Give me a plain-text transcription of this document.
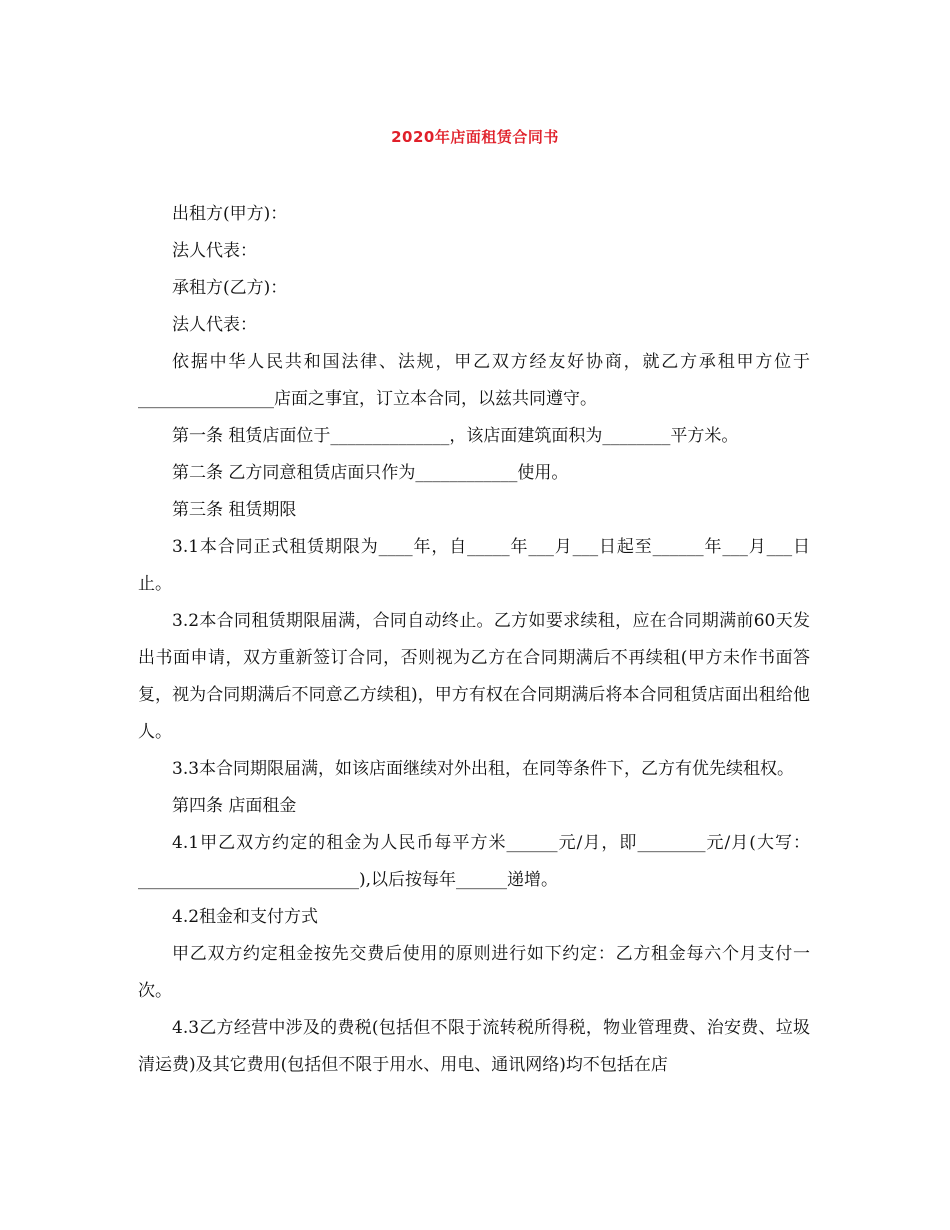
2020年店面租赁合同书

出租方(甲方)：

法人代表：

承租方(乙方)：

法人代表：

依据中华人民共和国法律、法规，甲乙双方经友好协商，就乙方承租甲方位于________________店面之事宜，订立本合同，以兹共同遵守。

第一条 租赁店面位于______________，该店面建筑面积为________平方米。

第二条 乙方同意租赁店面只作为____________使用。

第三条 租赁期限

3.1本合同正式租赁期限为____年，自_____年___月___日起至______年___月___日止。

3.2本合同租赁期限届满，合同自动终止。乙方如要求续租，应在合同期满前60天发出书面申请，双方重新签订合同，否则视为乙方在合同期满后不再续租(甲方未作书面答复，视为合同期满后不同意乙方续租)，甲方有权在合同期满后将本合同租赁店面出租给他人。

3.3本合同期限届满，如该店面继续对外出租，在同等条件下，乙方有优先续租权。

第四条 店面租金

4.1甲乙双方约定的租金为人民币每平方米______元/月，即________元/月(大写：__________________________),以后按每年______递增。

4.2租金和支付方式

甲乙双方约定租金按先交费后使用的原则进行如下约定：乙方租金每六个月支付一次。

4.3乙方经营中涉及的费税(包括但不限于流转税所得税，物业管理费、治安费、垃圾清运费)及其它费用(包括但不限于用水、用电、通讯网络)均不包括在店
